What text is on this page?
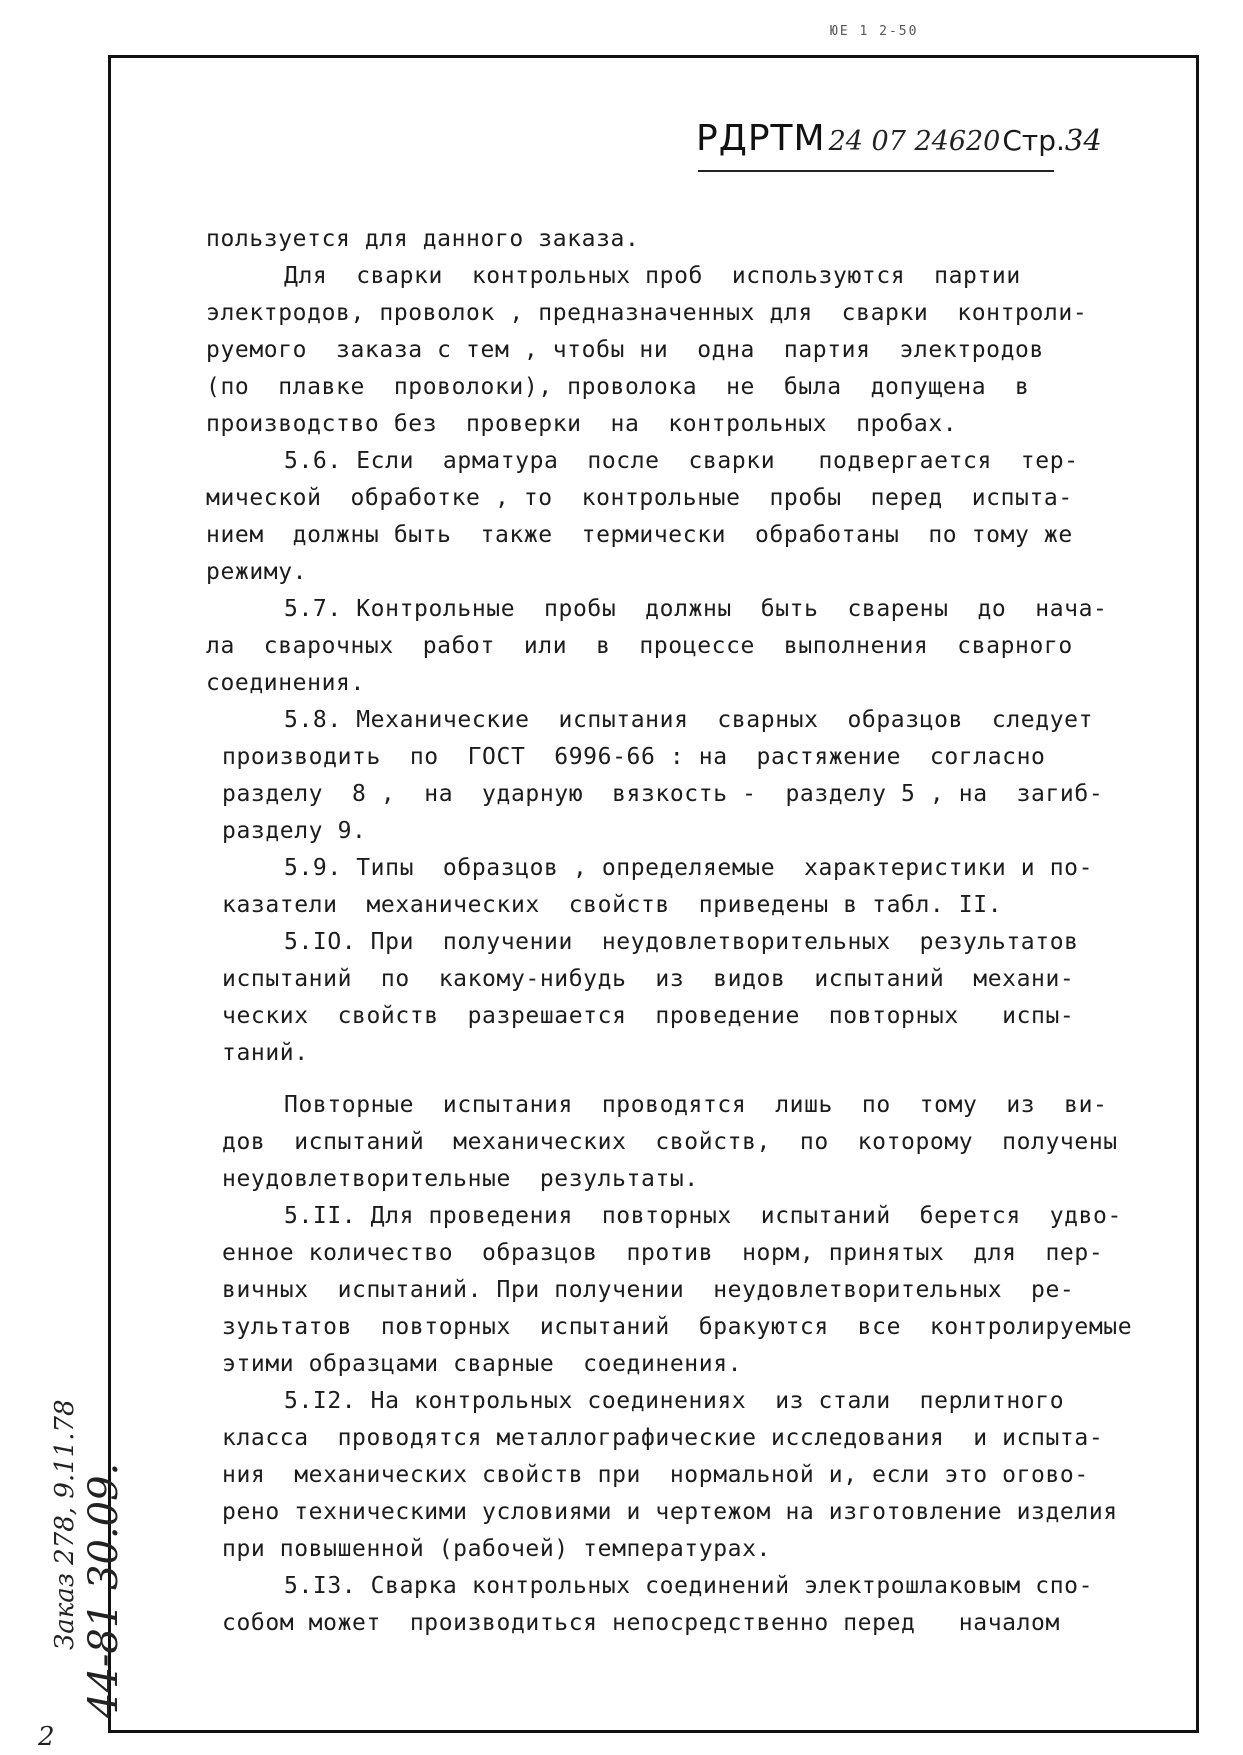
ЮЕ 1 2-50
РДРТМ 24 07 24620Стр.34
пользуется для данного заказа.
Для  сварки  контрольных проб  используются  партии
электродов, проволок , предназначенных для  сварки  контроли-
руемого  заказа с тем , чтобы ни  одна  партия  электродов
(по  плавке  проволоки), проволока  не  была  допущена  в
производство без  проверки  на  контрольных  пробах.
5.6. Если  арматура  после  сварки   подвергается  тер-
мической  обработке , то  контрольные  пробы  перед  испыта-
нием  должны быть  также  термически  обработаны  по тому же
режиму.
5.7. Контрольные  пробы  должны  быть  сварены  до  нача-
ла  сварочных  работ  или  в  процессе  выполнения  сварного
соединения.
5.8. Механические  испытания  сварных  образцов  следует
производить  по  ГОСТ  6996-66 : на  растяжение  согласно
разделу  8 ,  на  ударную  вязкость -  разделу 5 , на  загиб-
разделу 9.
5.9. Типы  образцов , определяемые  характеристики и по-
казатели  механических  свойств  приведены в табл. II.
5.IO. При  получении  неудовлетворительных  результатов
испытаний  по  какому-нибудь  из  видов  испытаний  механи-
ческих  свойств  разрешается  проведение  повторных   испы-
таний.
Повторные  испытания  проводятся  лишь  по  тому  из  ви-
дов  испытаний  механических  свойств,  по  которому  получены
неудовлетворительные  результаты.
5.II. Для проведения  повторных  испытаний  берется  удво-
енное количество  образцов  против  норм, принятых  для  пер-
вичных  испытаний. При получении  неудовлетворительных  ре-
зультатов  повторных  испытаний  бракуются  все  контролируемые
этими образцами сварные  соединения.
5.I2. На контрольных соединениях  из стали  перлитного
класса  проводятся металлографические исследования  и испыта-
ния  механических свойств при  нормальной и, если это огово-
рено техническими условиями и чертежом на изготовление изделия
при повышенной (рабочей) температурах.
5.I3. Сварка контрольных соединений электрошлаковым спо-
собом может  производиться непосредственно перед   началом
Заказ 278, 9.11.78 44-81 30.09.
2
